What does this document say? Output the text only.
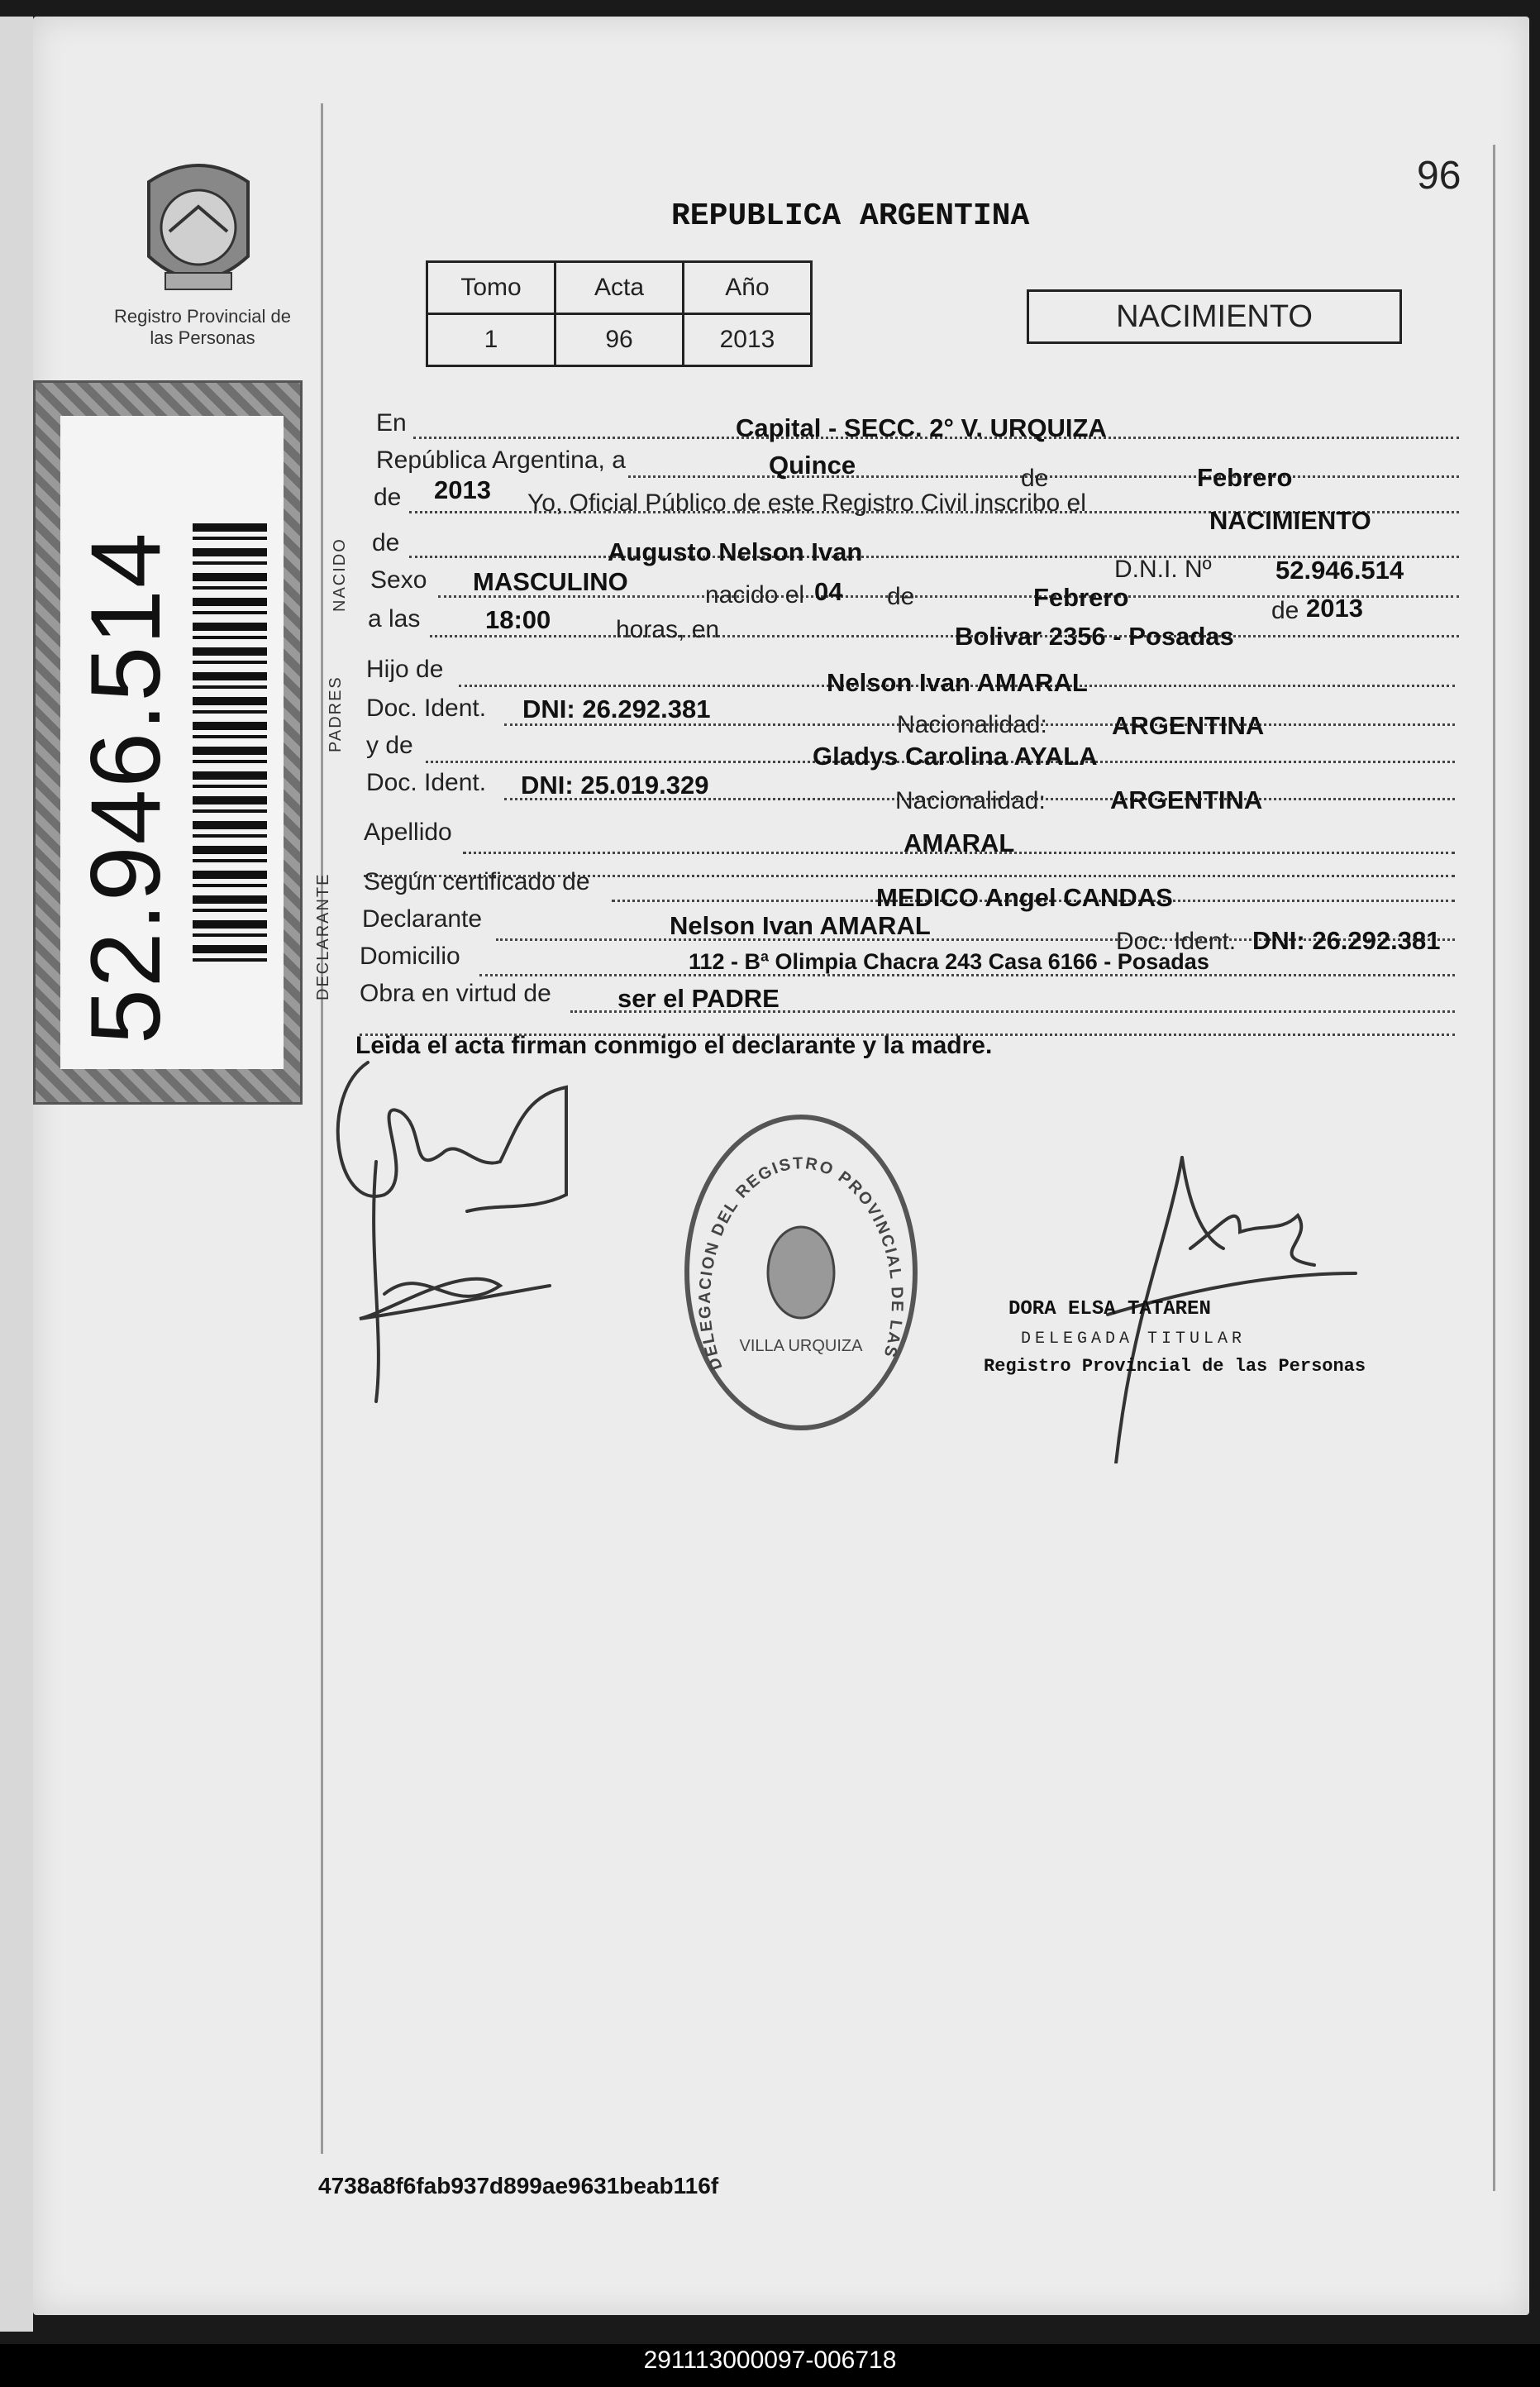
96
Registro Provincial de las Personas
REPUBLICA ARGENTINA
Tomo	Acta	Año
1	96	2013
NACIMIENTO
52.946.514	NACIDO
PADRES
DECLARANTE
En	Capital - SECC. 2° V. URQUIZA
República Argentina, a	Quince	de	Febrero
de 2013 Yo, Oficial Público de este Registro Civil inscribo el
NACIMIENTO
de	Augusto Nelson Ivan
Sexo MASCULINO	nacido el 04 de	Febrero
D.N.I. Nº 52.946.514
de 2013
a las	18:00	horas, en	Bolivar 2356 - Posadas
Hijo de	Nelson Ivan AMARAL
Doc. Ident. DNI: 26.292.381
Nacionalidad:	ARGENTINA
y de	Gladys Carolina AYALA
Doc. Ident. DNI: 25.019.329
Nacionalidad:	ARGENTINA
Apellido	AMARAL
Según certificado de
MEDICO Angel CANDAS
Declarante	Nelson Ivan AMARAL
Doc. Ident. DNI: 26.292.381
Domicilio	112 - Bª Olimpia Chacra 243 Casa 6166 - Posadas
Obra en virtud de	ser el PADRE
Leida el acta firman conmigo el declarante y la madre.
DELEGACION DEL REGISTRO PROVINCIAL DE LAS
VILLA URQUIZA
DORA ELSA TATAREN
DELEGADA TITULAR
Registro Provincial de las Personas
4738a8f6fab937d899ae9631beab116f
291113000097-006718
